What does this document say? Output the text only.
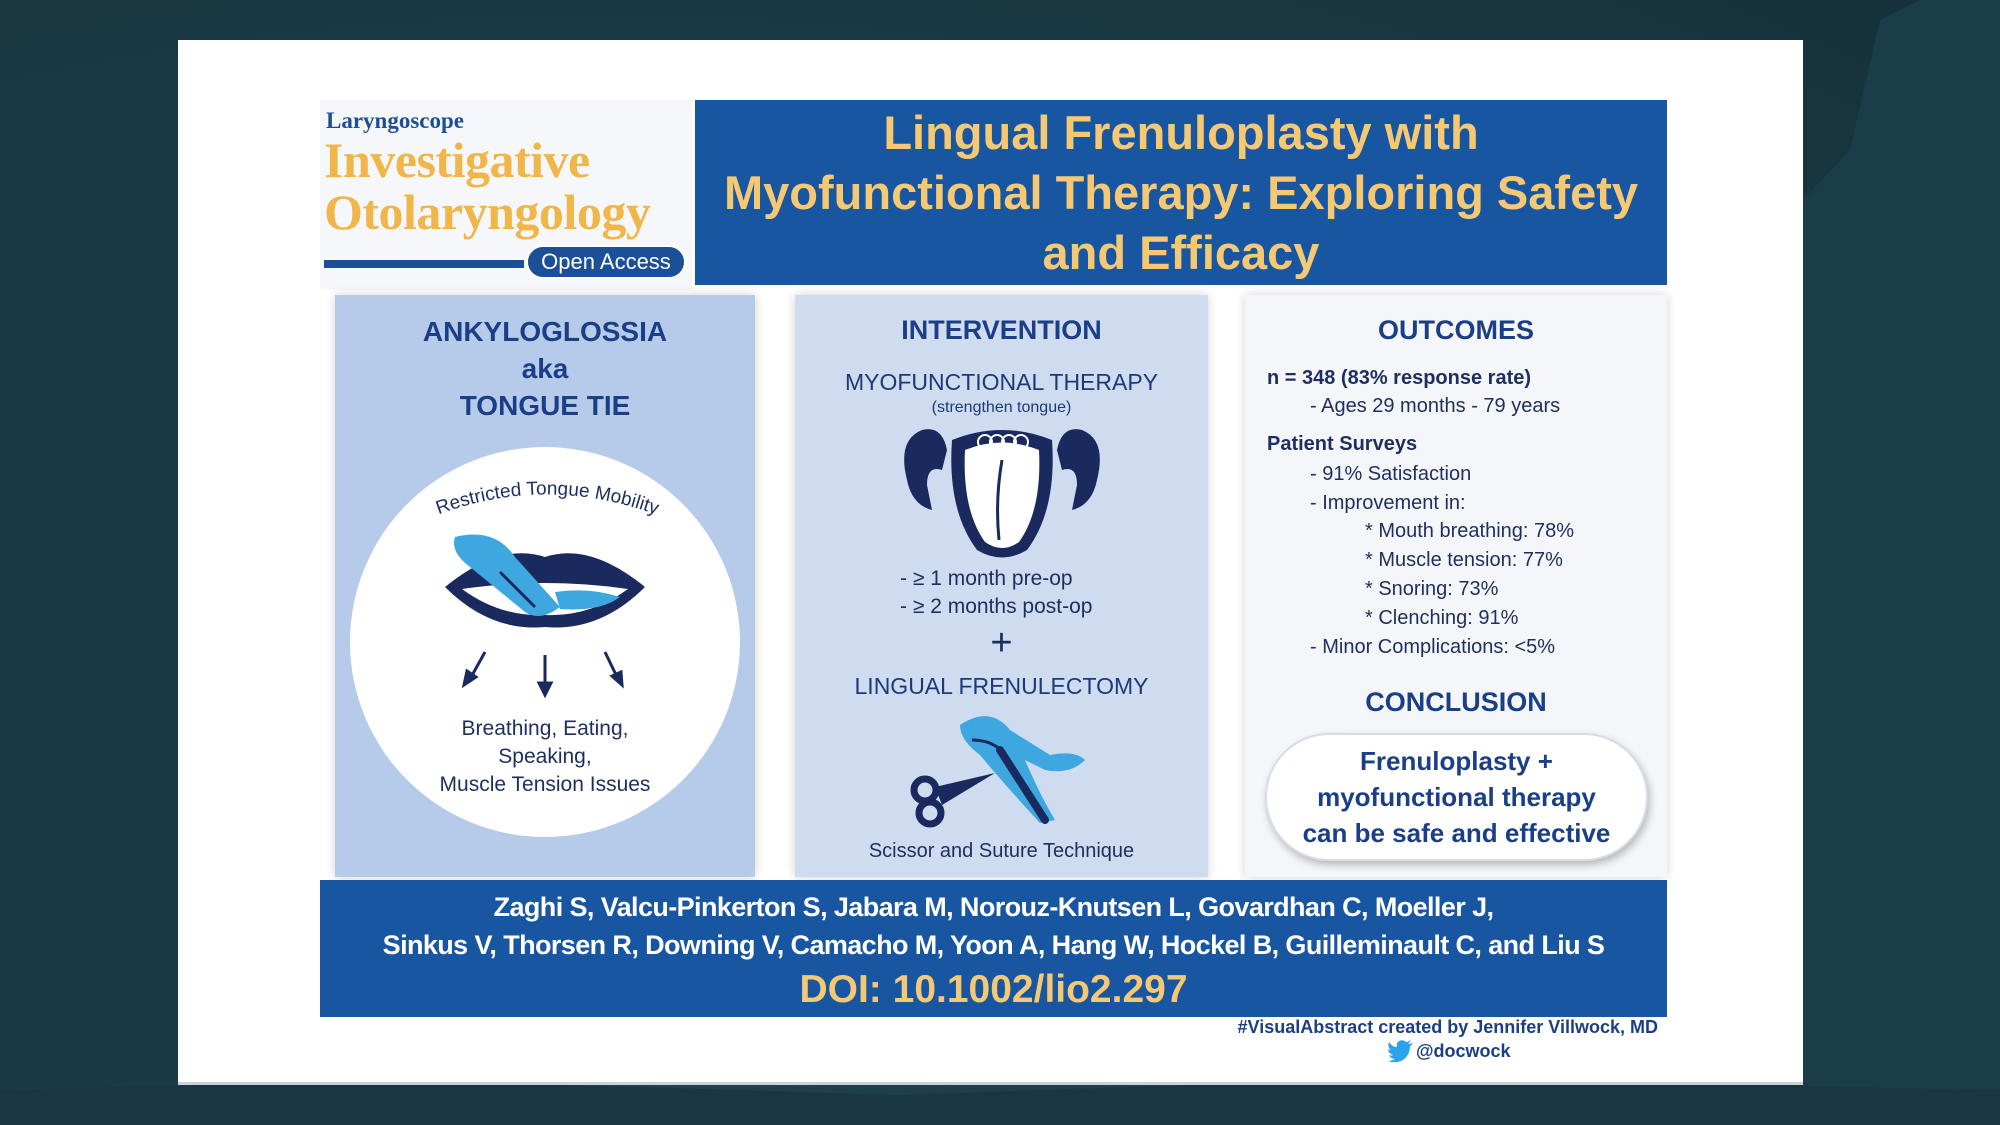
Laryngoscope
Investigative
Otolaryngology
Open Access
Lingual Frenuloplasty with Myofunctional Therapy: Exploring Safety and Efficacy
ANKYLOGLOSSIA
aka
TONGUE TIE
Restricted Tongue Mobility
Breathing, Eating,
Speaking,
Muscle Tension Issues
INTERVENTION
MYOFUNCTIONAL THERAPY
(strengthen tongue)
- ≥ 1 month pre-op
- ≥ 2 months post-op
+
LINGUAL FRENULECTOMY
Scissor and Suture Technique
OUTCOMES
n = 348 (83% response rate)
- Ages 29 months - 79 years
Patient Surveys
- 91% Satisfaction
- Improvement in:
* Mouth breathing: 78%
* Muscle tension: 77%
* Snoring: 73%
* Clenching: 91%
- Minor Complications: <5%
CONCLUSION
Frenuloplasty +
myofunctional therapy
can be safe and effective
Zaghi S, Valcu-Pinkerton S, Jabara M, Norouz-Knutsen L, Govardhan C, Moeller J,
Sinkus V, Thorsen R, Downing V, Camacho M, Yoon A, Hang W, Hockel B, Guilleminault C, and Liu S
DOI: 10.1002/lio2.297
#VisualAbstract created by Jennifer Villwock, MD
@docwock
